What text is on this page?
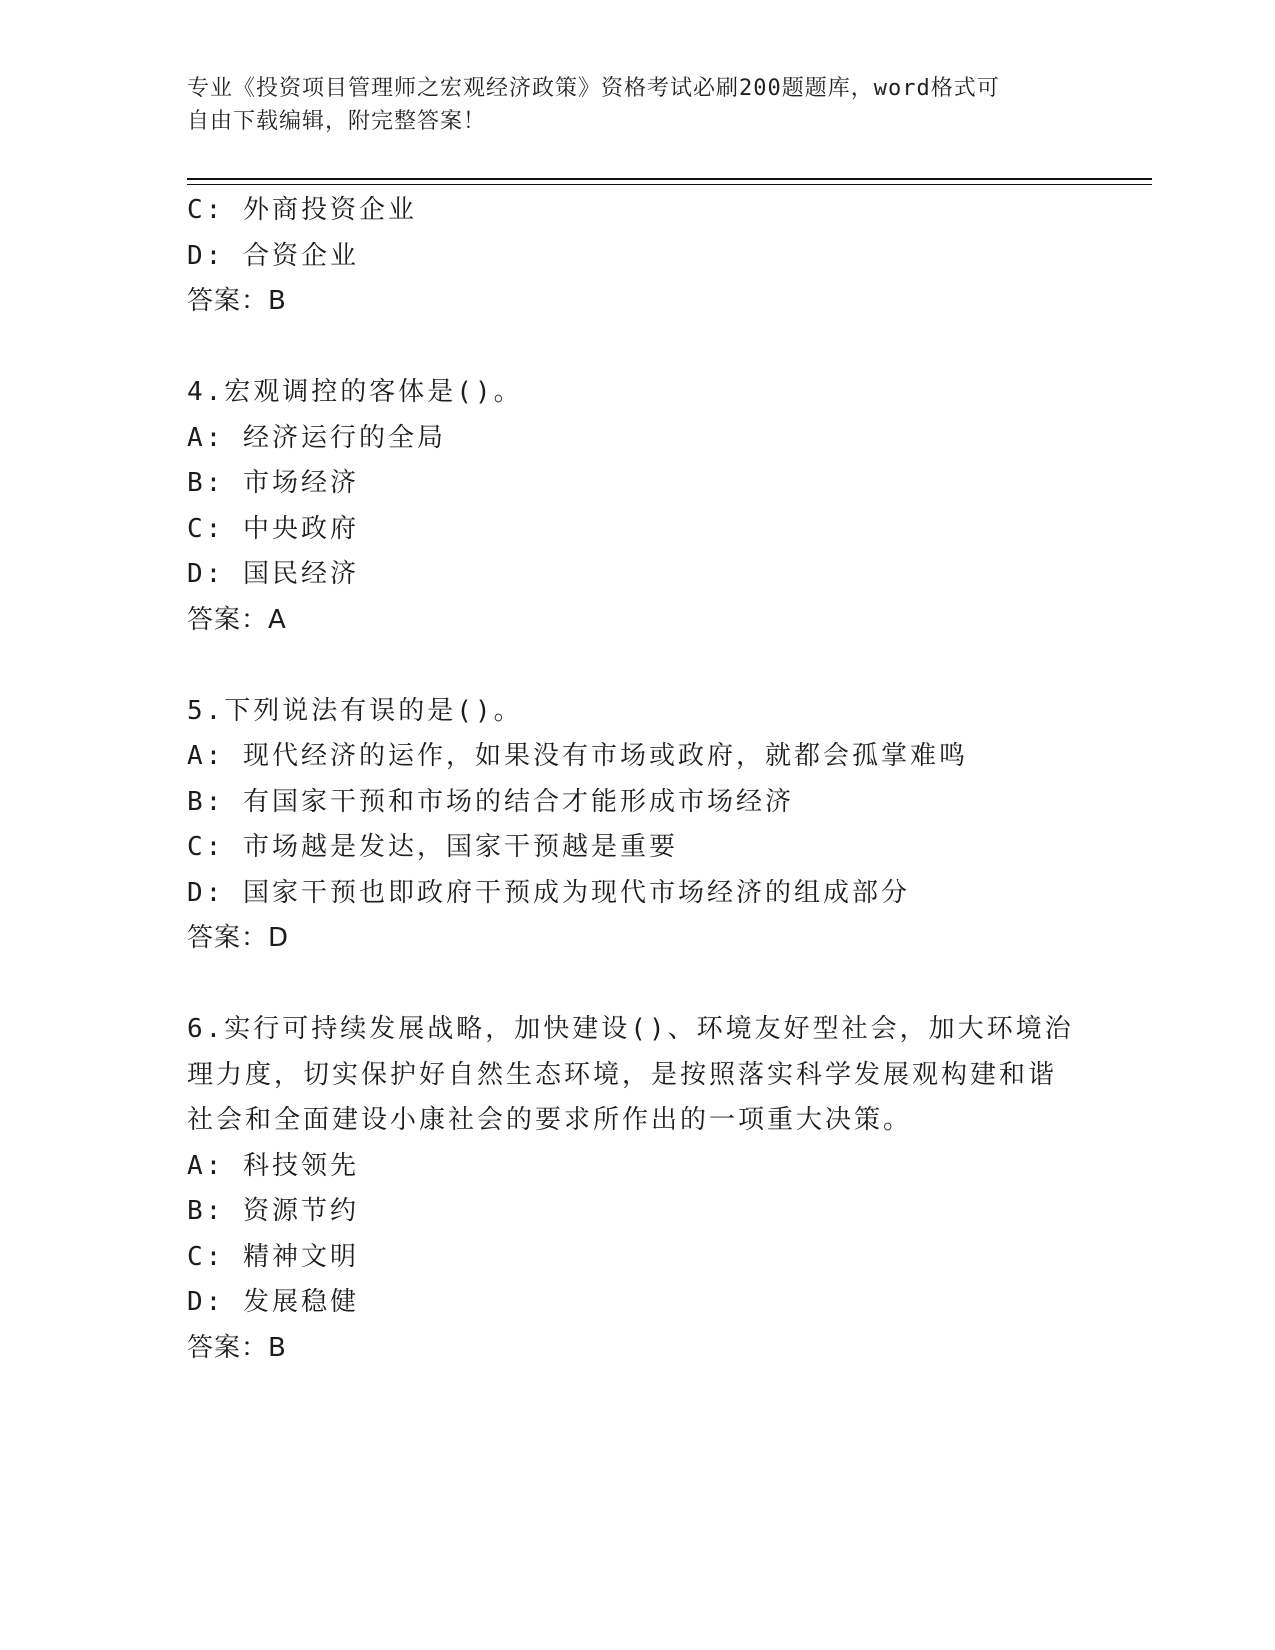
专业《投资项目管理师之宏观经济政策》资格考试必刷200题题库，word格式可
自由下载编辑，附完整答案！
C: 外商投资企业
D: 合资企业
答案：B
4.宏观调控的客体是()。
A: 经济运行的全局
B: 市场经济
C: 中央政府
D: 国民经济
答案：A
5.下列说法有误的是()。
A: 现代经济的运作，如果没有市场或政府，就都会孤掌难鸣
B: 有国家干预和市场的结合才能形成市场经济
C: 市场越是发达，国家干预越是重要
D: 国家干预也即政府干预成为现代市场经济的组成部分
答案：D
6.实行可持续发展战略，加快建设()、环境友好型社会，加大环境治
理力度，切实保护好自然生态环境，是按照落实科学发展观构建和谐
社会和全面建设小康社会的要求所作出的一项重大决策。
A: 科技领先
B: 资源节约
C: 精神文明
D: 发展稳健
答案：B
